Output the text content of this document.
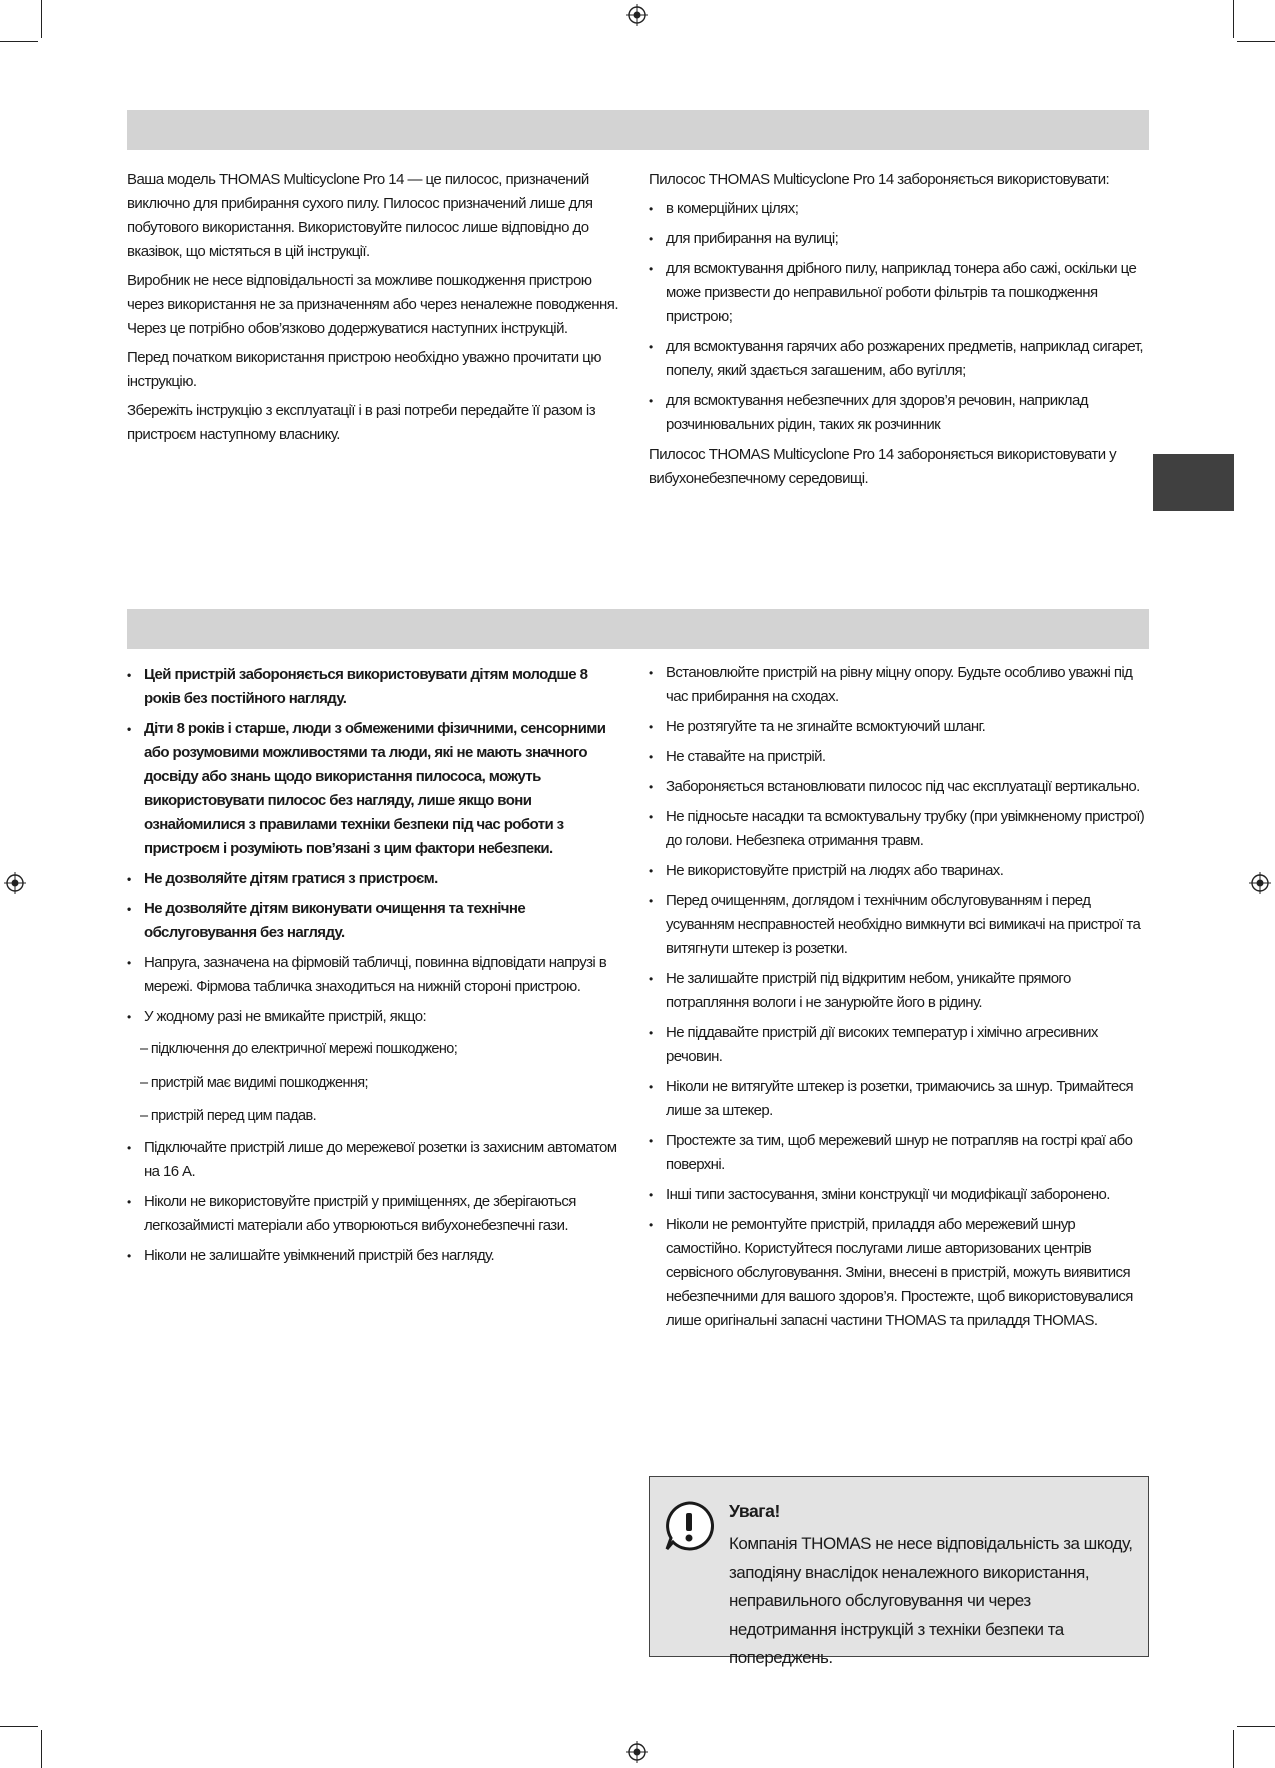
Ваша модель THOMAS Multicyclone Pro 14 — це пилосос, призначений виключно для прибирання сухого пилу. Пилосос призначений лише для побутового використання. Використовуйте пилосос лише відповідно до вказівок, що містяться в цій інструкції.

Виробник не несе відповідальності за можливе пошкодження пристрою через використання не за призначенням або через неналежне поводження. Через це потрібно обов’язково додержуватися наступних інструкцій.

Перед початком використання пристрою необхідно уважно прочитати цю інструкцію.

Збережіть інструкцію з експлуатації і в разі потреби передайте її разом із пристроєм наступному власнику.

Пилосос THOMAS Multicyclone Pro 14 забороняється використовувати:

• в комерційних цілях;
• для прибирання на вулиці;
• для всмоктування дрібного пилу, наприклад тонера або сажі, оскільки це може призвести до неправильної роботи фільтрів та пошкодження пристрою;
• для всмоктування гарячих або розжарених предметів, наприклад сигарет, попелу, який здається загашеним, або вугілля;
• для всмоктування небезпечних для здоров’я речовин, наприклад розчинювальних рідин, таких як розчинник

Пилосос THOMAS Multicyclone Pro 14 забороняється використовувати у вибухонебезпечному середовищі.

• Цей пристрій забороняється використовувати дітям молодше 8 років без постійного нагляду.
• Діти 8 років і старше, люди з обмеженими фізичними, сенсорними або розумовими можливостями та люди, які не мають значного досвіду або знань щодо використання пилососа, можуть використовувати пилосос без нагляду, лише якщо вони ознайомилися з правилами техніки безпеки під час роботи з пристроєм і розуміють пов’язані з цим фактори небезпеки.
• Не дозволяйте дітям гратися з пристроєм.
• Не дозволяйте дітям виконувати очищення та технічне обслуговування без нагляду.
• Напруга, зазначена на фірмовій табличці, повинна відповідати напрузі в мережі. Фірмова табличка знаходиться на нижній стороні пристрою.
• У жодному разі не вмикайте пристрій, якщо:

– підключення до електричної мережі пошкоджено;

– пристрій має видимі пошкодження;

– пристрій перед цим падав.

• Підключайте пристрій лише до мережевої розетки із захисним автоматом на 16 А.
• Ніколи не використовуйте пристрій у приміщеннях, де зберігаються легкозаймисті матеріали або утворюються вибухонебезпечні гази.
• Ніколи не залишайте увімкнений пристрій без нагляду.
• Встановлюйте пристрій на рівну міцну опору. Будьте особливо уважні під час прибирання на сходах.
• Не розтягуйте та не згинайте всмоктуючий шланг.
• Не ставайте на пристрій.
• Забороняється встановлювати пилосос під час експлуатації вертикально.
• Не підносьте насадки та всмоктувальну трубку (при увімкненому пристрої) до голови. Небезпека отримання травм.
• Не використовуйте пристрій на людях або тваринах.
• Перед очищенням, доглядом і технічним обслуговуванням і перед усуванням несправностей необхідно вимкнути всі вимикачі на пристрої та витягнути штекер із розетки.
• Не залишайте пристрій під відкритим небом, уникайте прямого потрапляння вологи і не занурюйте його в рідину.
• Не піддавайте пристрій дії високих температур і хімічно агресивних речовин.
• Ніколи не витягуйте штекер із розетки, тримаючись за шнур. Тримайтеся лише за штекер.
• Простежте за тим, щоб мережевий шнур не потрапляв на гострі краї або поверхні.
• Інші типи застосування, зміни конструкції чи модифікації заборонено.
• Ніколи не ремонтуйте пристрій, приладдя або мережевий шнур самостійно. Користуйтеся послугами лише авторизованих центрів сервісного обслуговування. Зміни, внесені в пристрій, можуть виявитися небезпечними для вашого здоров’я. Простежте, щоб використовувалися лише оригінальні запасні частини THOMAS та приладдя THOMAS.
Увага!
Компанія THOMAS не несе відповідальність за шкоду, заподіяну внаслідок неналежного використання, неправильного обслуговування чи через недотримання інструкцій з техніки безпеки та попереджень.
